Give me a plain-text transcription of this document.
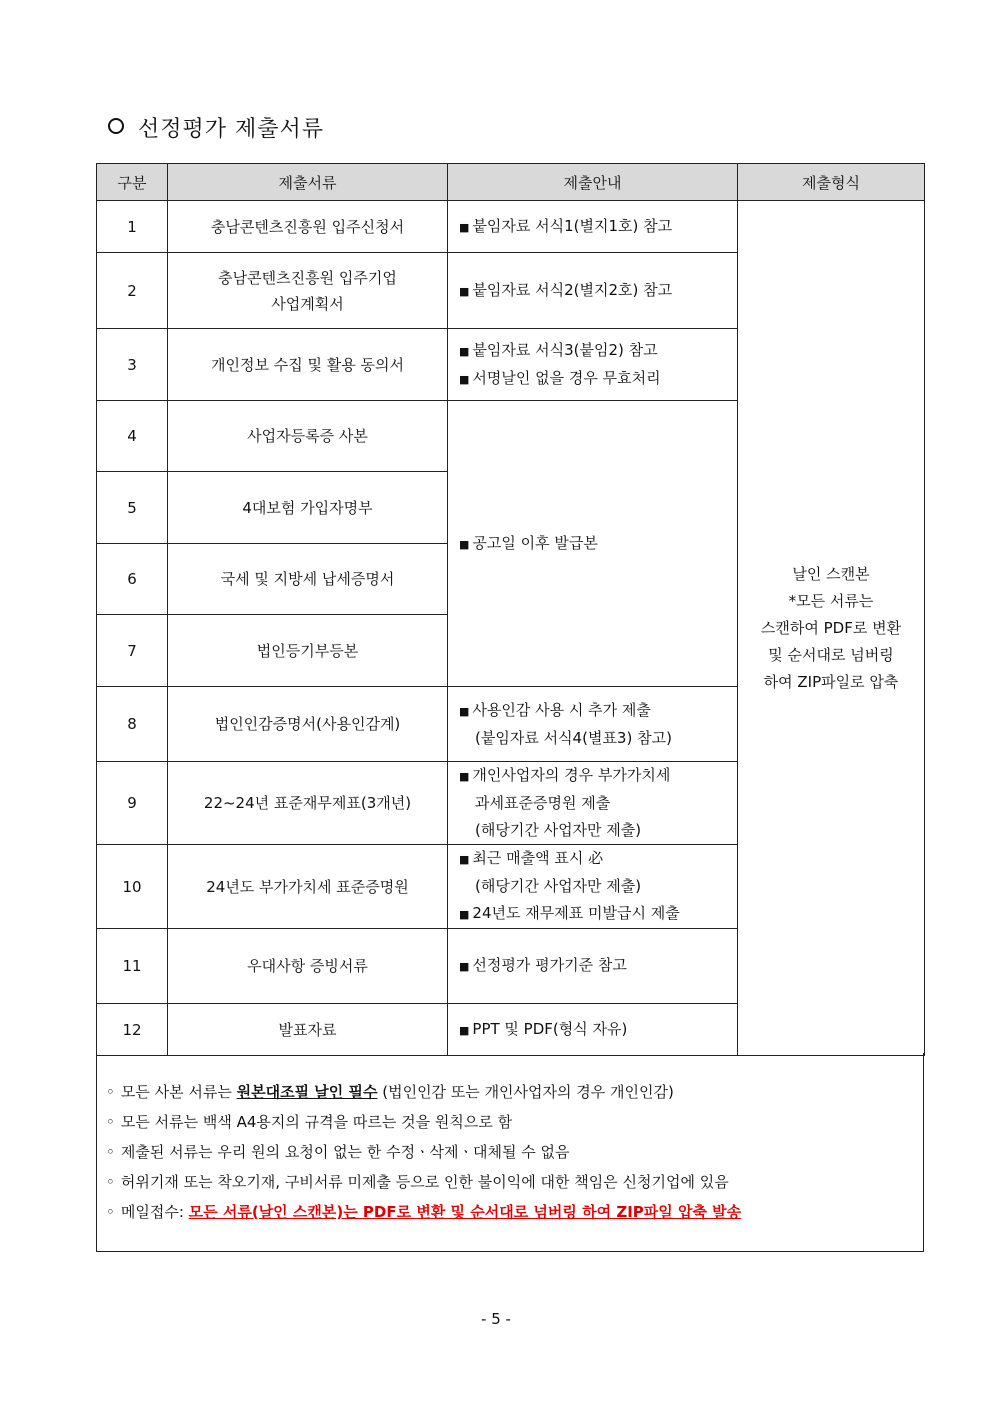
선정평가 제출서류
구분	제출서류	제출안내	제출형식
1	충남콘텐츠진흥원 입주신청서	■ 붙임자료 서식1(별지1호) 참고	날인 스캔본
*모든 서류는
스캔하여 PDF로 변환
및 순서대로 넘버링
하여 ZIP파일로 압축

2	충남콘텐츠진흥원 입주기업
사업계획서	■ 붙임자료 서식2(별지2호) 참고	

3	개인정보 수집 및 활용 동의서	■ 붙임자료 서식3(붙임2) 참고
■ 서명날인 없을 경우 무효처리	

4	사업자등록증 사본	■ 공고일 이후 발급본	

5	4대보험 가입자명부		

6	국세 및 지방세 납세증명서		

7	법인등기부등본		

8	법인인감증명서(사용인감계)	■ 사용인감 사용 시 추가 제출
(붙임자료 서식4(별표3) 참고)	

9	22~24년 표준재무제표(3개년)	■ 개인사업자의 경우 부가가치세
과세표준증명원 제출
(해당기간 사업자만 제출)	

10	24년도 부가가치세 표준증명원	■ 최근 매출액 표시 必
(해당기간 사업자만 제출)
■ 24년도 재무제표 미발급시 제출	

11	우대사항 증빙서류	■ 선정평가 평가기준 참고	

12	발표자료	■ PPT 및 PDF(형식 자유)	
◦ 모든 사본 서류는 원본대조필 날인 필수 (법인인감 또는 개인사업자의 경우 개인인감)
◦ 모든 서류는 백색 A4용지의 규격을 따르는 것을 원칙으로 함
◦ 제출된 서류는 우리 원의 요청이 없는 한 수정ㆍ삭제ㆍ대체될 수 없음
◦ 허위기재 또는 착오기재, 구비서류 미제출 등으로 인한 불이익에 대한 책임은 신청기업에 있음
◦ 메일접수: 모든 서류(날인 스캔본)는 PDF로 변환 및 순서대로 넘버링 하여 ZIP파일 압축 발송
- 5 -
